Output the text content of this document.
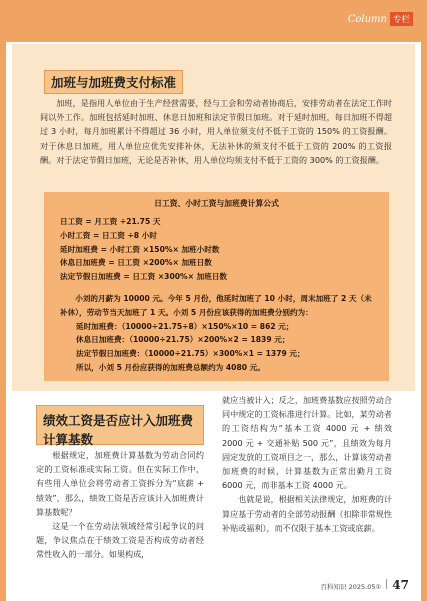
Column 专栏
加班与加班费支付标准

加班，是指用人单位由于生产经营需要，经与工会和劳动者协商后，安排劳动者在法定工作时间以外工作。加班包括延时加班、休息日加班和法定节假日加班。对于延时加班，每日加班不得超过 3 小时，每月加班累计不得超过 36 小时，用人单位须支付不低于工资的 150% 的工资报酬。对于休息日加班，用人单位应优先安排补休，无法补休的须支付不低于工资的 200% 的工资报酬。对于法定节假日加班，无论是否补休，用人单位均须支付不低于工资的 300% 的工资报酬。

日工资、小时工资与加班费计算公式

日工资 = 月工资 ÷21.75 天

小时工资 = 日工资 ÷8 小时

延时加班费 = 小时工资 ×150%× 加班小时数

休息日加班费 = 日工资 ×200%× 加班日数

法定节假日加班费 = 日工资 ×300%× 加班日数

小刘的月薪为 10000 元。今年 5 月份，他延时加班了 10 小时，周末加班了 2 天（未补休），劳动节当天加班了 1 天。小刘 5 月份应该获得的加班费分别约为：

延时加班费：（10000÷21.75÷8）×150%×10 = 862 元；

休息日加班费：（10000÷21.75）×200%×2 = 1839 元；

法定节假日加班费：（10000÷21.75）×300%×1 = 1379 元；

所以，小刘 5 月份应获得的加班费总额约为 4080 元。

绩效工资是否应计入加班费计算基数

根据规定，加班费计算基数为劳动合同约定的工资标准或实际工资。但在实际工作中，有些用人单位会将劳动者工资拆分为“底薪 + 绩效”，那么，绩效工资是否应该计入加班费计算基数呢？

这是一个在劳动法领域经常引起争议的问题，争议焦点在于绩效工资是否构成劳动者经常性收入的一部分。如果构成，

就应当被计入；反之，加班费基数应按照劳动合同中规定的工资标准进行计算。比如，某劳动者的工资结构为“基本工资 4000 元 + 绩效 2000 元 + 交通补贴 500 元”，且绩效为每月固定发放的工资项目之一，那么，计算该劳动者加班费的时候，计算基数为正常出勤月工资 6000 元，而非基本工资 4000 元。

也就是说，根据相关法律规定，加班费的计算应基于劳动者的全部劳动报酬（扣除非常规性补贴或福利），而不仅限于基本工资或底薪。

百科知识 2025.05① 47
